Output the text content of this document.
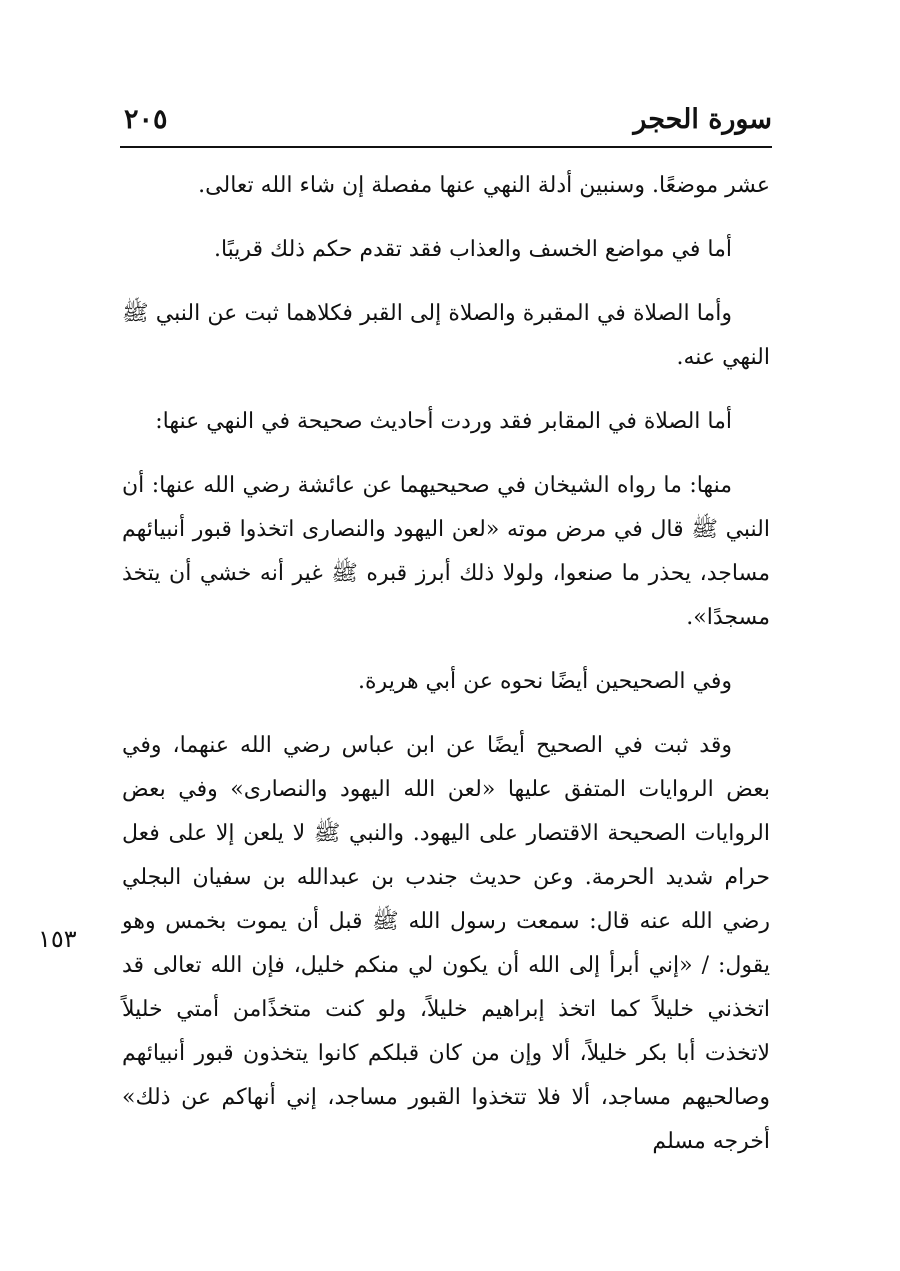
سورة الحجر
٢٠٥

عشر موضعًا. وسنبين أدلة النهي عنها مفصلة إن شاء الله تعالى.

أما في مواضع الخسف والعذاب فقد تقدم حكم ذلك قريبًا.

وأما الصلاة في المقبرة والصلاة إلى القبر فكلاهما ثبت عن النبي ﷺ النهي عنه.

أما الصلاة في المقابر فقد وردت أحاديث صحيحة في النهي عنها:

منها: ما رواه الشيخان في صحيحيهما عن عائشة رضي الله عنها: أن النبي ﷺ قال في مرض موته «لعن اليهود والنصارى اتخذوا قبور أنبيائهم مساجد، يحذر ما صنعوا، ولولا ذلك أبرز قبره ﷺ غير أنه خشي أن يتخذ مسجدًا».

وفي الصحيحين أيضًا نحوه عن أبي هريرة.

وقد ثبت في الصحيح أيضًا عن ابن عباس رضي الله عنهما، وفي بعض الروايات المتفق عليها «لعن الله اليهود والنصارى» وفي بعض الروايات الصحيحة الاقتصار على اليهود. والنبي ﷺ لا يلعن إلا على فعل حرام شديد الحرمة. وعن حديث جندب بن عبدالله بن سفيان البجلي رضي الله عنه قال: سمعت رسول الله ﷺ قبل أن يموت بخمس وهو يقول: / «إني أبرأ إلى الله أن يكون لي منكم خليل، فإن الله تعالى قد اتخذني خليلاً كما اتخذ إبراهيم خليلاً، ولو كنت متخذًامن أمتي خليلاً لاتخذت أبا بكر خليلاً، ألا وإن من كان قبلكم كانوا يتخذون قبور أنبيائهم وصالحيهم مساجد، ألا فلا تتخذوا القبور مساجد، إني أنهاكم عن ذلك» أخرجه مسلم

١٥٣
